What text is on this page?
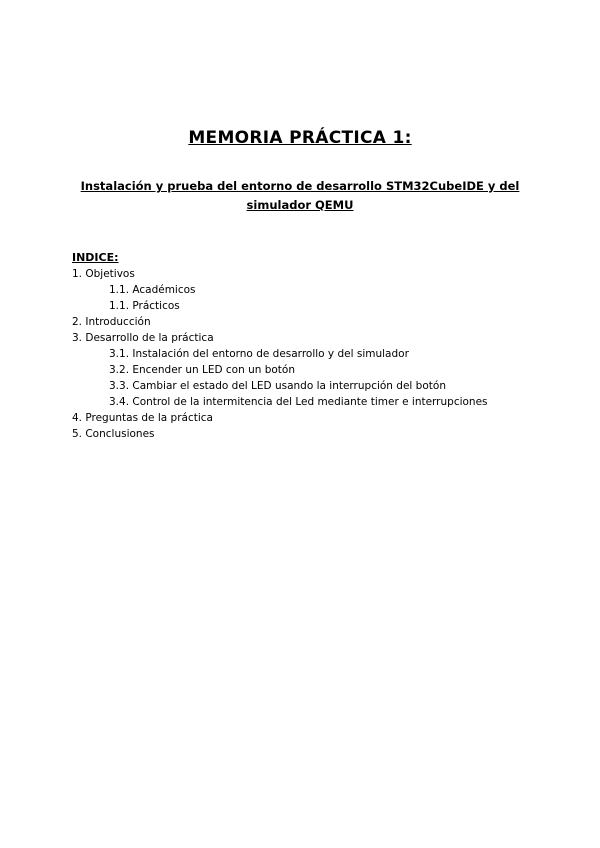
MEMORIA PRÁCTICA 1:
Instalación y prueba del entorno de desarrollo STM32CubeIDE y del simulador QEMU
INDICE:
1. Objetivos
1.1. Académicos
1.1. Prácticos
2. Introducción
3. Desarrollo de la práctica
3.1. Instalación del entorno de desarrollo y del simulador
3.2. Encender un LED con un botón
3.3. Cambiar el estado del LED usando la interrupción del botón
3.4. Control de la intermitencia del Led mediante timer e interrupciones
4. Preguntas de la práctica
5. Conclusiones
